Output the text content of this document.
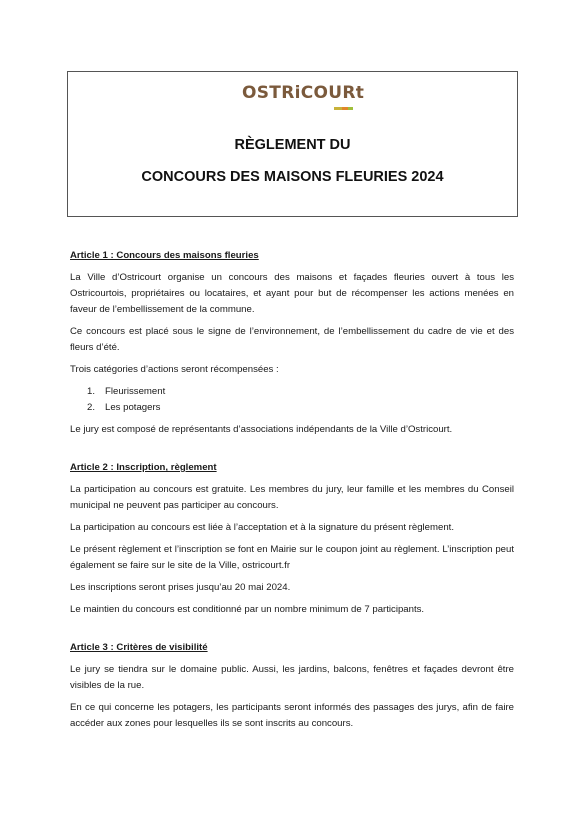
OSTRiCOURt
RÈGLEMENT DU
CONCOURS DES MAISONS FLEURIES 2024
Article 1 : Concours des maisons fleuries

La Ville d’Ostricourt organise un concours des maisons et façades fleuries ouvert à tous les Ostricourtois, propriétaires ou locataires, et ayant pour but de récompenser les actions menées en faveur de l’embellissement de la commune.

Ce concours est placé sous le signe de l’environnement, de l’embellissement du cadre de vie et des fleurs d’été.

Trois catégories d’actions seront récompensées :

1.	Fleurissement
2.	Les potagers

Le jury est composé de représentants d’associations indépendants de la Ville d’Ostricourt.

Article 2 : Inscription, règlement

La participation au concours est gratuite. Les membres du jury, leur famille et les membres du Conseil municipal ne peuvent pas participer au concours.

La participation au concours est liée à l’acceptation et à la signature du présent règlement.

Le présent règlement et l’inscription se font en Mairie sur le coupon joint au règlement. L’inscription peut également se faire sur le site de la Ville, ostricourt.fr

Les inscriptions seront prises jusqu’au 20 mai 2024.

Le maintien du concours est conditionné par un nombre minimum de 7 participants.

Article 3 : Critères de visibilité

Le jury se tiendra sur le domaine public. Aussi, les jardins, balcons, fenêtres et façades devront être visibles de la rue.

En ce qui concerne les potagers, les participants seront informés des passages des jurys, afin de faire accéder aux zones pour lesquelles ils se sont inscrits au concours.
